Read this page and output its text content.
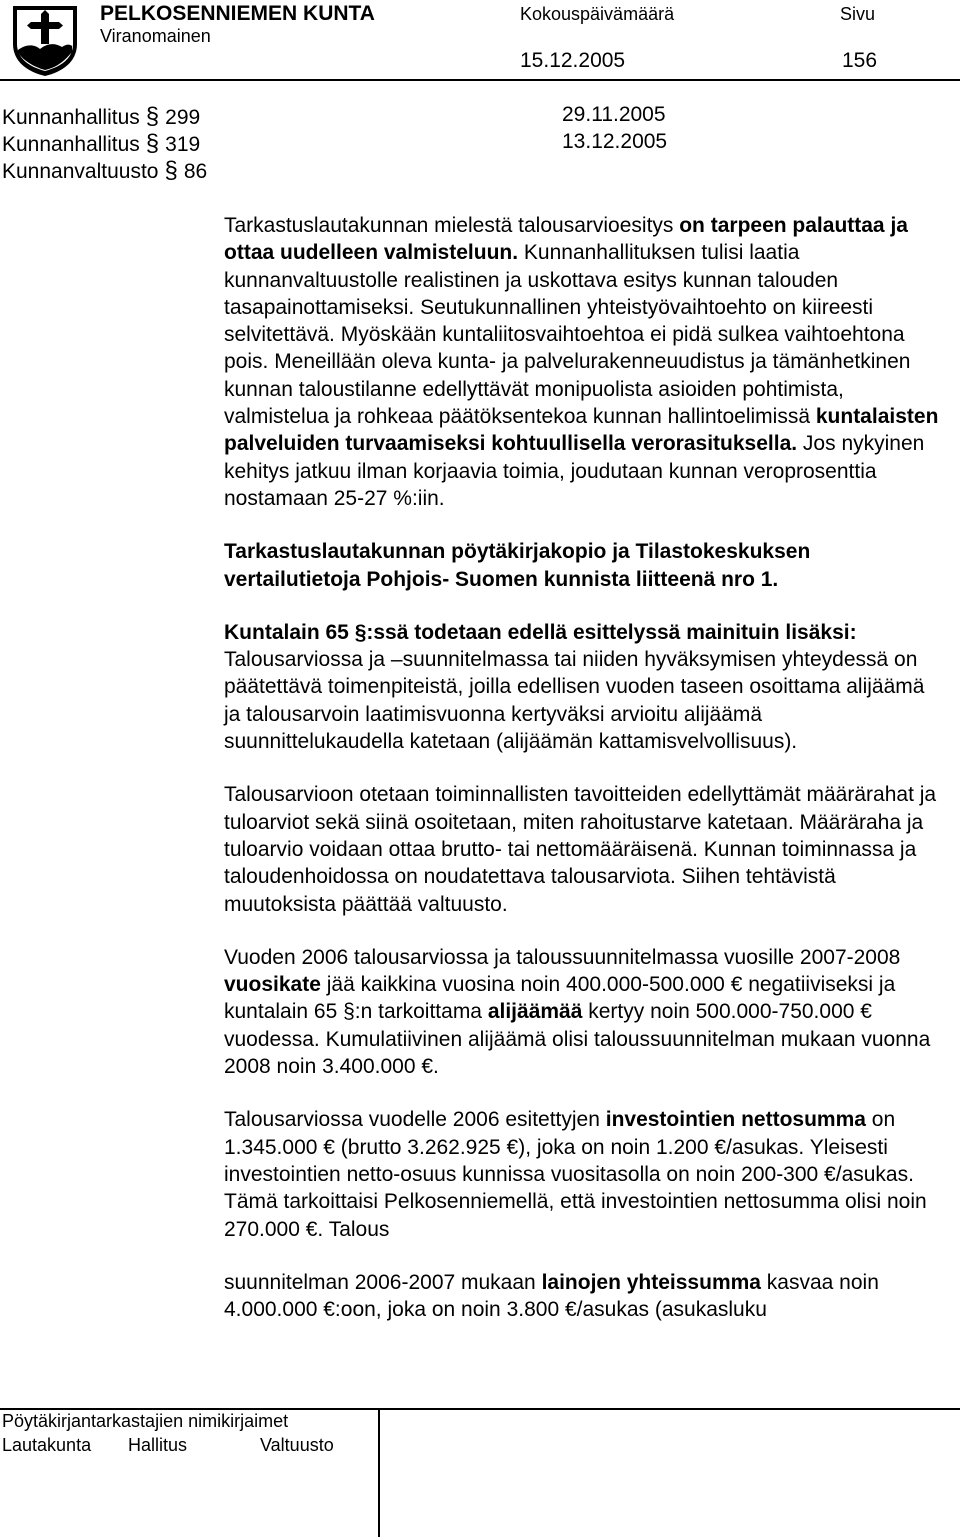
PELKOSENNIEMEN KUNTA
Viranomainen
Kokouspäivämäärä
15.12.2005
Sivu
156
Kunnanhallitus § 299	29.11.2005
Kunnanhallitus § 319	13.12.2005
Kunnanvaltuusto § 86

Tarkastuslautakunnan mielestä talousarvioesitys on tarpeen palauttaa ja ottaa uudelleen valmisteluun. Kunnanhallituksen tulisi laatia kunnanvaltuustolle realistinen ja uskottava esitys kunnan talouden tasapainottamiseksi. Seutukunnallinen yhteistyövaihtoehto on kiireesti selvitettävä. Myöskään kuntaliitosvaihtoehtoa ei pidä sulkea vaihtoehtona pois. Meneillään oleva kunta- ja palvelurakenneuudistus ja tämänhetkinen kunnan taloustilanne edellyttävät monipuolista asioiden pohtimista, valmistelua ja rohkeaa päätöksentekoa kunnan hallintoelimissä kuntalaisten palveluiden turvaamiseksi kohtuullisella verorasituksella. Jos nykyinen kehitys jatkuu ilman korjaavia toimia, joudutaan kunnan veroprosenttia nostamaan 25-27 %:iin.

Tarkastuslautakunnan pöytäkirjakopio ja Tilastokeskuksen vertailutietoja Pohjois- Suomen kunnista liitteenä nro 1.

Kuntalain 65 §:ssä todetaan edellä esittelyssä mainituin lisäksi: Talousarviossa ja –suunnitelmassa tai niiden hyväksymisen yhteydessä on päätettävä toimenpiteistä, joilla edellisen vuoden taseen osoittama alijäämä ja talousarvoin laatimisvuonna kertyväksi arvioitu alijäämä suunnittelukaudella katetaan (alijäämän kattamisvelvollisuus).

Talousarvioon otetaan toiminnallisten tavoitteiden edellyttämät määrärahat ja tuloarviot sekä siinä osoitetaan, miten rahoitustarve katetaan. Määräraha ja tuloarvio voidaan ottaa brutto- tai nettomääräisenä. Kunnan toiminnassa ja taloudenhoidossa on noudatettava talousarviota. Siihen tehtävistä muutoksista päättää valtuusto.

Vuoden 2006 talousarviossa ja taloussuunnitelmassa vuosille 2007-2008 vuosikate jää kaikkina vuosina noin 400.000-500.000 € negatiiviseksi ja kuntalain 65 §:n tarkoittama alijäämää kertyy noin 500.000-750.000 € vuodessa. Kumulatiivinen alijäämä olisi taloussuunnitelman mukaan vuonna 2008 noin 3.400.000 €.

Talousarviossa vuodelle 2006 esitettyjen investointien nettosumma on 1.345.000 € (brutto 3.262.925 €), joka on noin 1.200 €/asukas. Yleisesti investointien netto-osuus kunnissa vuositasolla on noin 200-300 €/asukas. Tämä tarkoittaisi Pelkosenniemellä, että investointien nettosumma olisi noin 270.000 €. Talous

suunnitelman 2006-2007 mukaan lainojen yhteissumma kasvaa noin 4.000.000 €:oon, joka on noin 3.800 €/asukas (asukasluku

Pöytäkirjantarkastajien nimikirjaimet
Lautakunta Hallitus	Valtuusto
